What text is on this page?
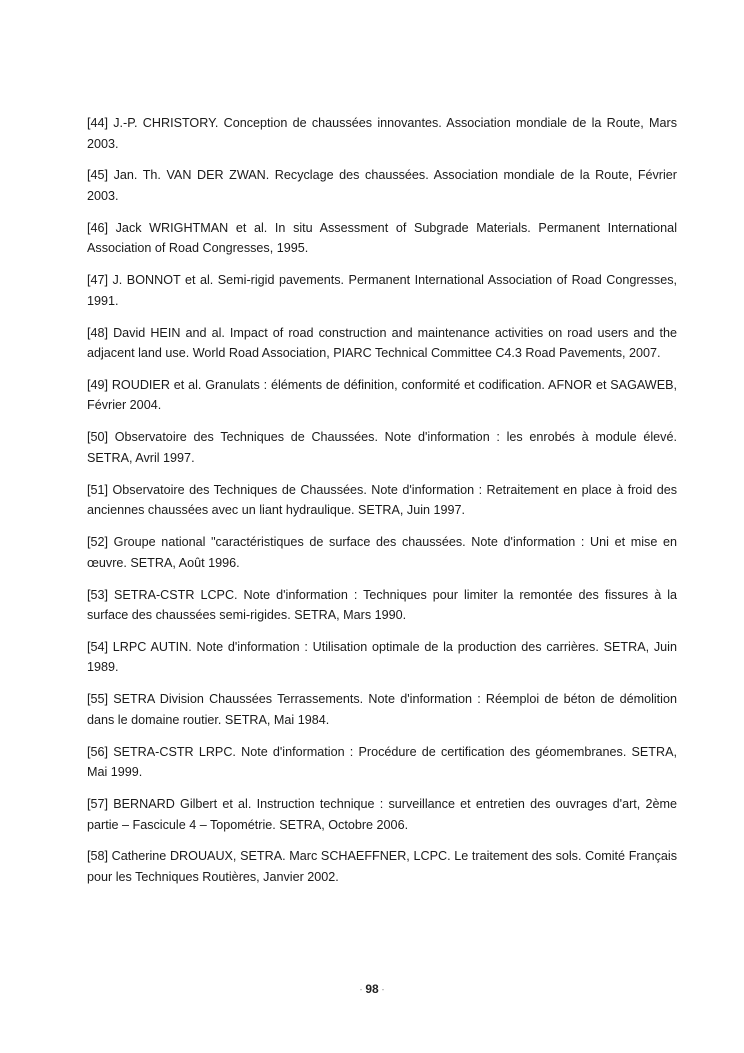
[44] J.-P. CHRISTORY. Conception de chaussées innovantes. Association mondiale de la Route, Mars 2003.
[45] Jan. Th. VAN DER ZWAN. Recyclage des chaussées. Association mondiale de la Route, Février 2003.
[46] Jack WRIGHTMAN et al. In situ Assessment of Subgrade Materials. Permanent International Association of Road Congresses, 1995.
[47] J. BONNOT et al. Semi-rigid pavements. Permanent International Association of Road Congresses, 1991.
[48] David HEIN and al. Impact of road construction and maintenance activities on road users and the adjacent land use. World Road Association, PIARC Technical Committee C4.3 Road Pavements, 2007.
[49] ROUDIER et al. Granulats : éléments de définition, conformité et codification. AFNOR et SAGAWEB, Février 2004.
[50] Observatoire des Techniques de Chaussées. Note d'information : les enrobés à module élevé. SETRA, Avril 1997.
[51] Observatoire des Techniques de Chaussées. Note d'information : Retraitement en place à froid des anciennes chaussées avec un liant hydraulique. SETRA, Juin 1997.
[52] Groupe national "caractéristiques de surface des chaussées. Note d'information : Uni et mise en œuvre. SETRA, Août 1996.
[53] SETRA-CSTR LCPC. Note d'information : Techniques pour limiter la remontée des fissures à la surface des chaussées semi-rigides. SETRA, Mars 1990.
[54] LRPC AUTIN. Note d'information : Utilisation optimale de la production des carrières. SETRA, Juin 1989.
[55] SETRA Division Chaussées Terrassements. Note d'information : Réemploi de béton de démolition dans le domaine routier. SETRA, Mai 1984.
[56] SETRA-CSTR LRPC. Note d'information : Procédure de certification des géomembranes. SETRA, Mai 1999.
[57] BERNARD Gilbert et al. Instruction technique : surveillance et entretien des ouvrages d'art, 2ème partie – Fascicule 4 – Topométrie. SETRA, Octobre 2006.
[58] Catherine DROUAUX, SETRA. Marc SCHAEFFNER, LCPC. Le traitement des sols. Comité Français pour les Techniques Routières, Janvier 2002.
- 98 -
